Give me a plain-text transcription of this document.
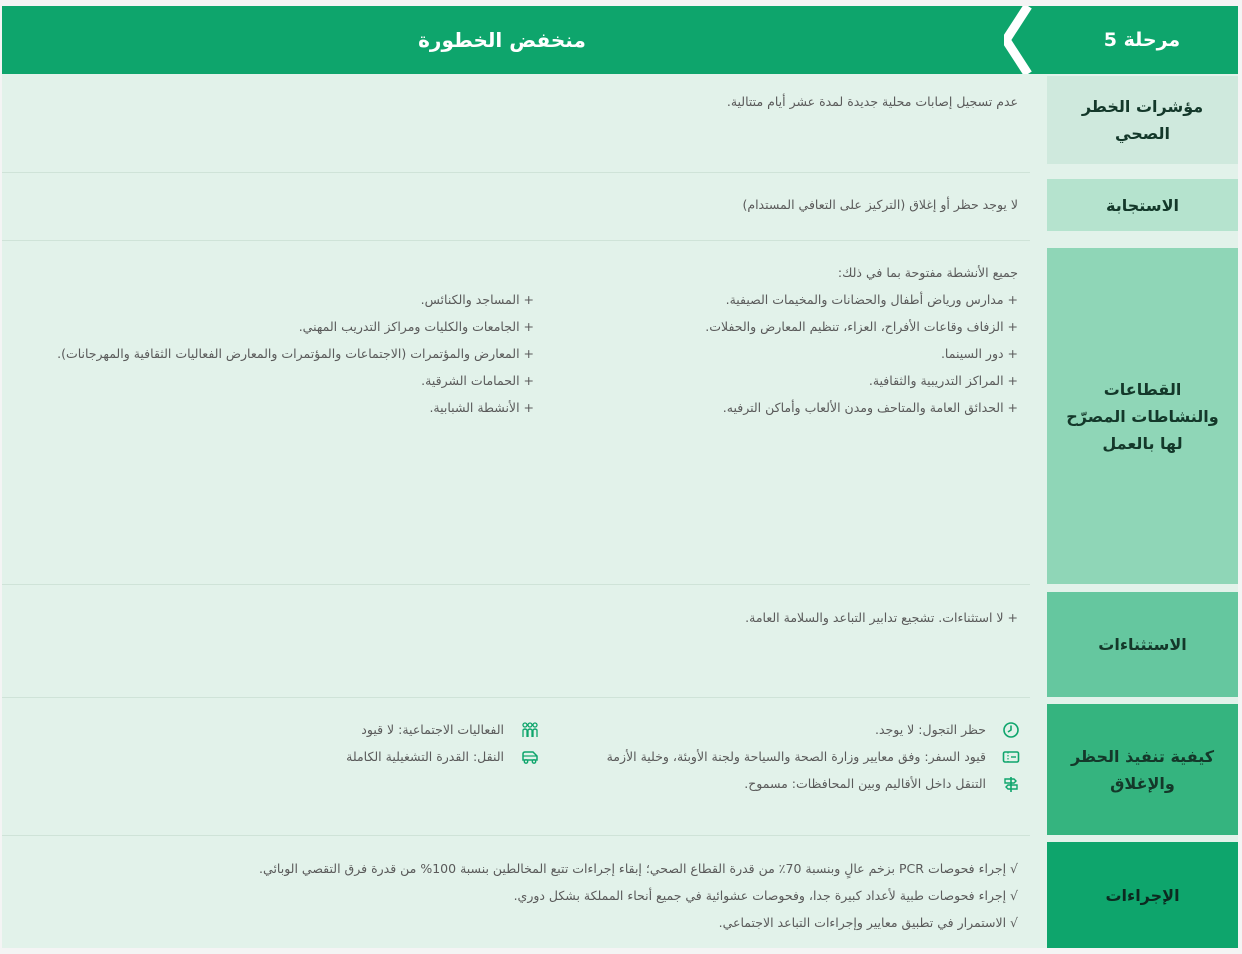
منخفض الخطورة	مرحلة 5
مؤشرات الخطر الصحي
عدم تسجيل إصابات محلية جديدة لمدة عشر أيام متتالية.
الاستجابة
لا يوجد حظر أو إغلاق (التركيز على التعافي المستدام)
القطاعات والنشاطات المصرّح لها بالعمل
جميع الأنشطة مفتوحة بما في ذلك:
+ مدارس ورياض أطفال والحضانات والمخيمات الصيفية.
+ الزفاف وقاعات الأفراح، العزاء، تنظيم المعارض والحفلات.
+ دور السينما.
+ المراكز التدريبية والثقافية.
+ الحدائق العامة والمتاحف ومدن الألعاب وأماكن الترفيه.
+ المساجد والكنائس.
+ الجامعات والكليات ومراكز التدريب المهني.
+ المعارض والمؤتمرات (الاجتماعات والمؤتمرات والمعارض الفعاليات الثقافية والمهرجانات).
+ الحمامات الشرقية.
+ الأنشطة الشبابية.
الاستثناءات
+ لا استثناءات. تشجيع تدابير التباعد والسلامة العامة.
كيفية تنفيذ الحظر والإغلاق
حظر التجول: لا يوجد.
قيود السفر: وفق معايير وزارة الصحة والسياحة ولجنة الأوبئة، وخلية الأزمة
التنقل داخل الأقاليم وبين المحافظات: مسموح.
الفعاليات الاجتماعية: لا قيود
النقل: القدرة التشغيلية الكاملة
الإجراءات
√ إجراء فحوصات PCR بزخم عالٍ وبنسبة 70٪ من قدرة القطاع الصحي؛ إبقاء إجراءات تتبع المخالطين بنسبة 100% من قدرة فرق التقصي الوبائي.
√ إجراء فحوصات طبية لأعداد كبيرة جدا، وفحوصات عشوائية في جميع أنحاء المملكة بشكل دوري.
√ الاستمرار في تطبيق معايير وإجراءات التباعد الاجتماعي.
